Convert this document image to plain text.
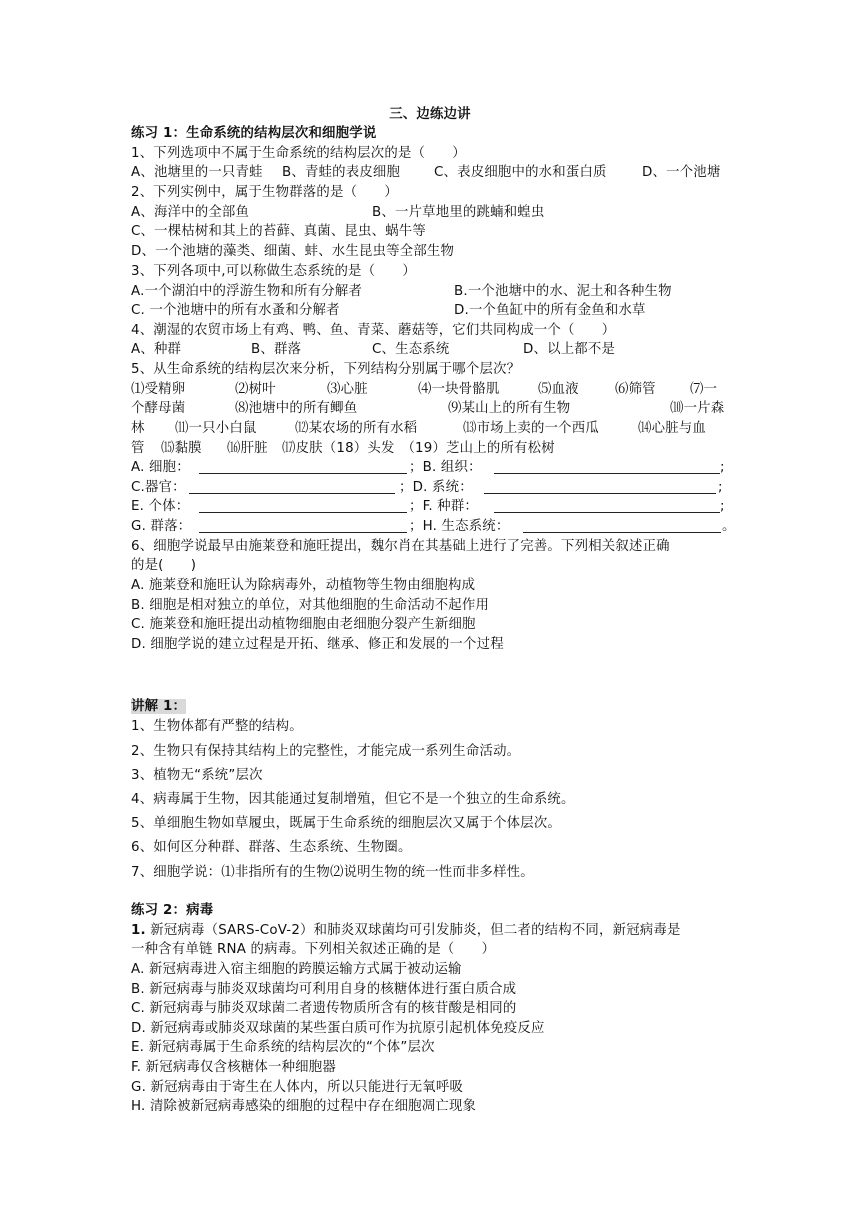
三、边练边讲
练习 1：生命系统的结构层次和细胞学说
1、下列选项中不属于生命系统的结构层次的是（　　）
A、池塘里的一只青蛙 B、青蛙的表皮细胞	C、表皮细胞中的水和蛋白质	D、一个池塘
2、下列实例中，属于生物群落的是（　　）
A、海洋中的全部鱼	B、一片草地里的跳蝻和蝗虫
C、一棵枯树和其上的苔藓、真菌、昆虫、蜗牛等
D、一个池塘的藻类、细菌、蚌、水生昆虫等全部生物
3、下列各项中,可以称做生态系统的是（　　）
A.一个湖泊中的浮游生物和所有分解者	B.一个池塘中的水、泥土和各种生物
C. 一个池塘中的所有水蚤和分解者	D.一个鱼缸中的所有金鱼和水草
4、潮湿的农贸市场上有鸡、鸭、鱼、青菜、蘑菇等，它们共同构成一个（　　）
A、种群	B、群落	C、生态系统	D、以上都不是
5、从生命系统的结构层次来分析，下列结构分别属于哪个层次？
⑴受精卵	⑵树叶	⑶心脏	⑷一块骨骼肌	⑸血液	⑹筛管	⑺一
个酵母菌	⑻池塘中的所有鲫鱼	⑼某山上的所有生物	⑽一片森
林 ⑾一只小白鼠	⑿某农场的所有水稻	⒀市场上卖的一个西瓜	⒁心脏与血
管 ⒂黏膜 ⒃肝脏 ⒄皮肤（18）头发　（19）芝山上的所有松树
A. 细胞：	；B. 组织：	;
C.器官：	；D. 系统：	;
E. 个体：	；F. 种群：	;
G. 群落：	；H. 生态系统：	。
6、细胞学说最早由施莱登和施旺提出，魏尔肖在其基础上进行了完善。下列相关叙述正确
的是(　　)
A. 施莱登和施旺认为除病毒外，动植物等生物由细胞构成
B. 细胞是相对独立的单位，对其他细胞的生命活动不起作用
C. 施莱登和施旺提出动植物细胞由老细胞分裂产生新细胞
D. 细胞学说的建立过程是开拓、继承、修正和发展的一个过程
讲解 1：
1、生物体都有严整的结构。
2、生物只有保持其结构上的完整性，才能完成一系列生命活动。
3、植物无“系统”层次
4、病毒属于生物，因其能通过复制增殖，但它不是一个独立的生命系统。
5、单细胞生物如草履虫，既属于生命系统的细胞层次又属于个体层次。
6、如何区分种群、群落、生态系统、生物圈。
7、细胞学说：⑴非指所有的生物⑵说明生物的统一性而非多样性。
练习 2：病毒
1. 新冠病毒（SARS-CoV-2）和肺炎双球菌均可引发肺炎，但二者的结构不同，新冠病毒是
一种含有单链 RNA 的病毒。下列相关叙述正确的是（　　）
A. 新冠病毒进入宿主细胞的跨膜运输方式属于被动运输
B. 新冠病毒与肺炎双球菌均可利用自身的核糖体进行蛋白质合成
C. 新冠病毒与肺炎双球菌二者遗传物质所含有的核苷酸是相同的
D. 新冠病毒或肺炎双球菌的某些蛋白质可作为抗原引起机体免疫反应
E. 新冠病毒属于生命系统的结构层次的“个体”层次
F. 新冠病毒仅含核糖体一种细胞器
G. 新冠病毒由于寄生在人体内，所以只能进行无氧呼吸
H. 清除被新冠病毒感染的细胞的过程中存在细胞凋亡现象
